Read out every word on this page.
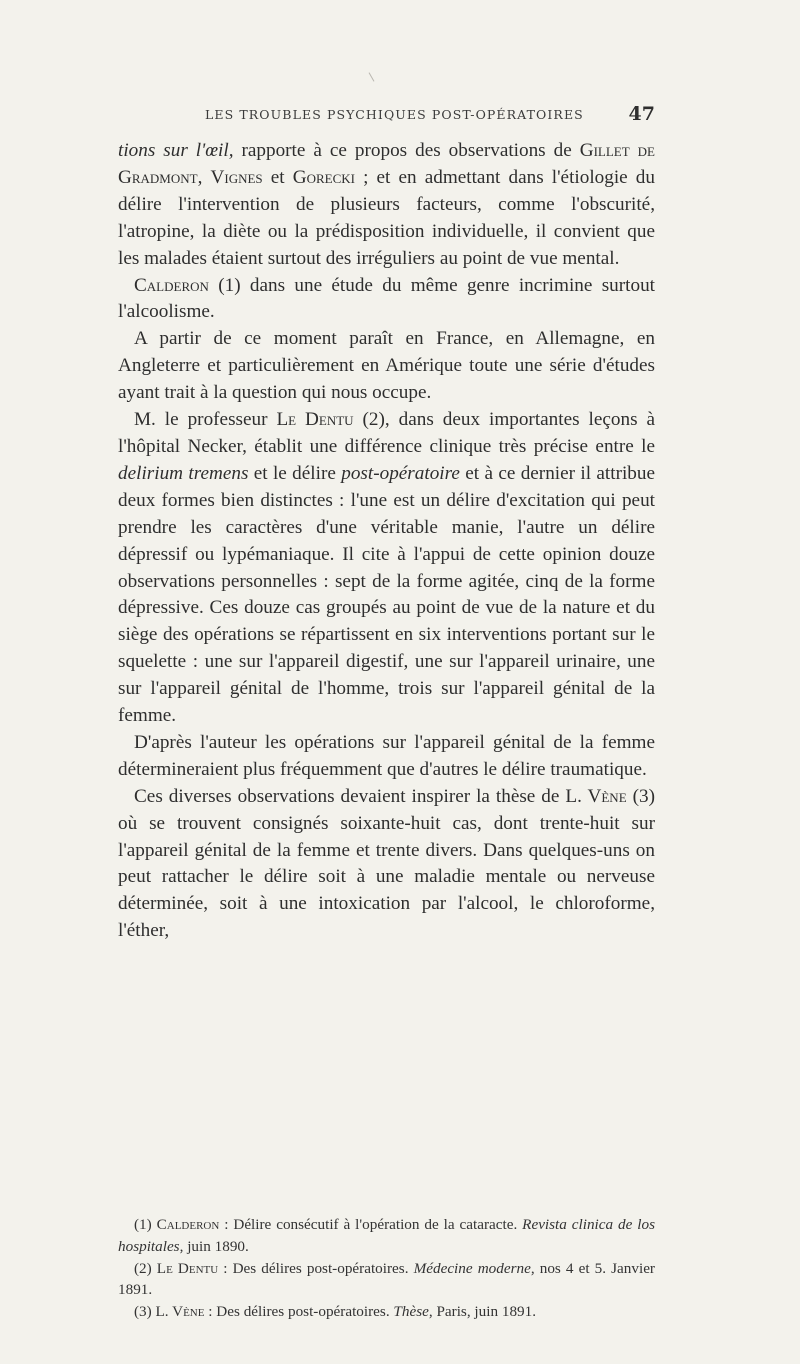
LES TROUBLES PSYCHIQUES POST-OPÉRATOIRES 47

tions sur l'œil, rapporte à ce propos des observations de Gillet de Gradmont, Vignes et Gorecki ; et en admettant dans l'étiologie du délire l'intervention de plusieurs facteurs, comme l'obscurité, l'atropine, la diète ou la prédisposition individuelle, il convient que les malades étaient surtout des irréguliers au point de vue mental.

Calderon (1) dans une étude du même genre incrimine surtout l'alcoolisme.

A partir de ce moment paraît en France, en Allemagne, en Angleterre et particulièrement en Amérique toute une série d'études ayant trait à la question qui nous occupe.

M. le professeur Le Dentu (2), dans deux importantes leçons à l'hôpital Necker, établit une différence clinique très précise entre le delirium tremens et le délire post-opératoire et à ce dernier il attribue deux formes bien distinctes : l'une est un délire d'excitation qui peut prendre les caractères d'une véritable manie, l'autre un délire dépressif ou lypémaniaque. Il cite à l'appui de cette opinion douze observations personnelles : sept de la forme agitée, cinq de la forme dépressive. Ces douze cas groupés au point de vue de la nature et du siège des opérations se répartissent en six interventions portant sur le squelette : une sur l'appareil digestif, une sur l'appareil urinaire, une sur l'appareil génital de l'homme, trois sur l'appareil génital de la femme.

D'après l'auteur les opérations sur l'appareil génital de la femme détermineraient plus fréquemment que d'autres le délire traumatique.

Ces diverses observations devaient inspirer la thèse de L. Vène (3) où se trouvent consignés soixante-huit cas, dont trente-huit sur l'appareil génital de la femme et trente divers. Dans quelques-uns on peut rattacher le délire soit à une maladie mentale ou nerveuse déterminée, soit à une intoxication par l'alcool, le chloroforme, l'éther,

(1) Calderon : Délire consécutif à l'opération de la cataracte. Revista clinica de los hospitales, juin 1890.

(2) Le Dentu : Des délires post-opératoires. Médecine moderne, nos 4 et 5. Janvier 1891.

(3) L. Vène : Des délires post-opératoires. Thèse, Paris, juin 1891.
